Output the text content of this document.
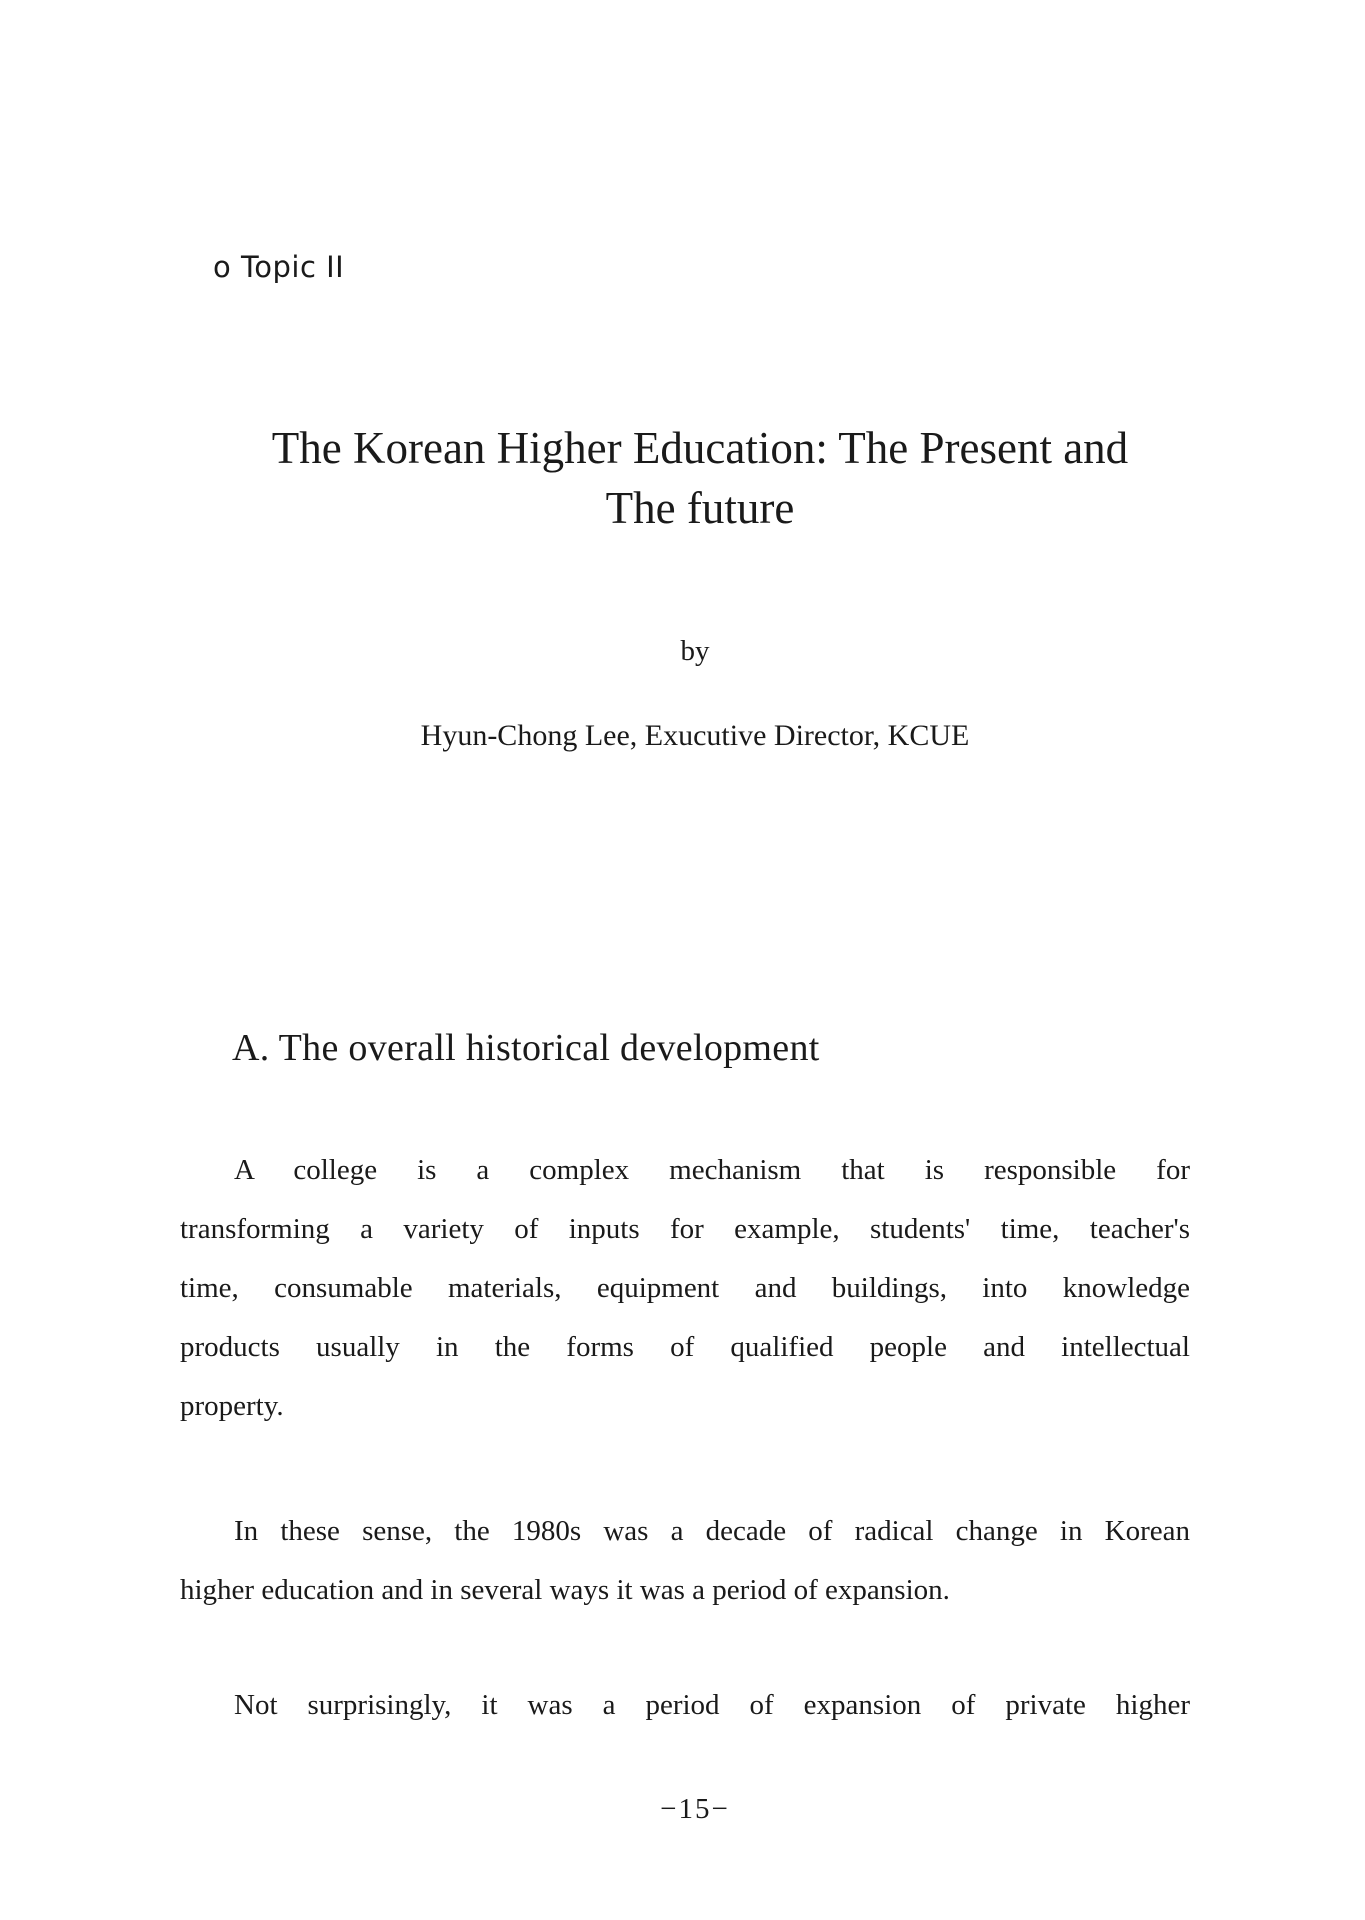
o Topic II
The Korean Higher Education: The Present and
The future
by
Hyun-Chong Lee, Exucutive Director, KCUE
A. The overall historical development
A college is a complex mechanism that is responsible for
transforming a variety of inputs for example, students' time, teacher's
time, consumable materials, equipment and buildings, into knowledge
products usually in the forms of qualified people and intellectual
property.
In these sense, the 1980s was a decade of radical change in Korean
higher education and in several ways it was a period of expansion.
Not surprisingly, it was a period of expansion of private higher
−15−
